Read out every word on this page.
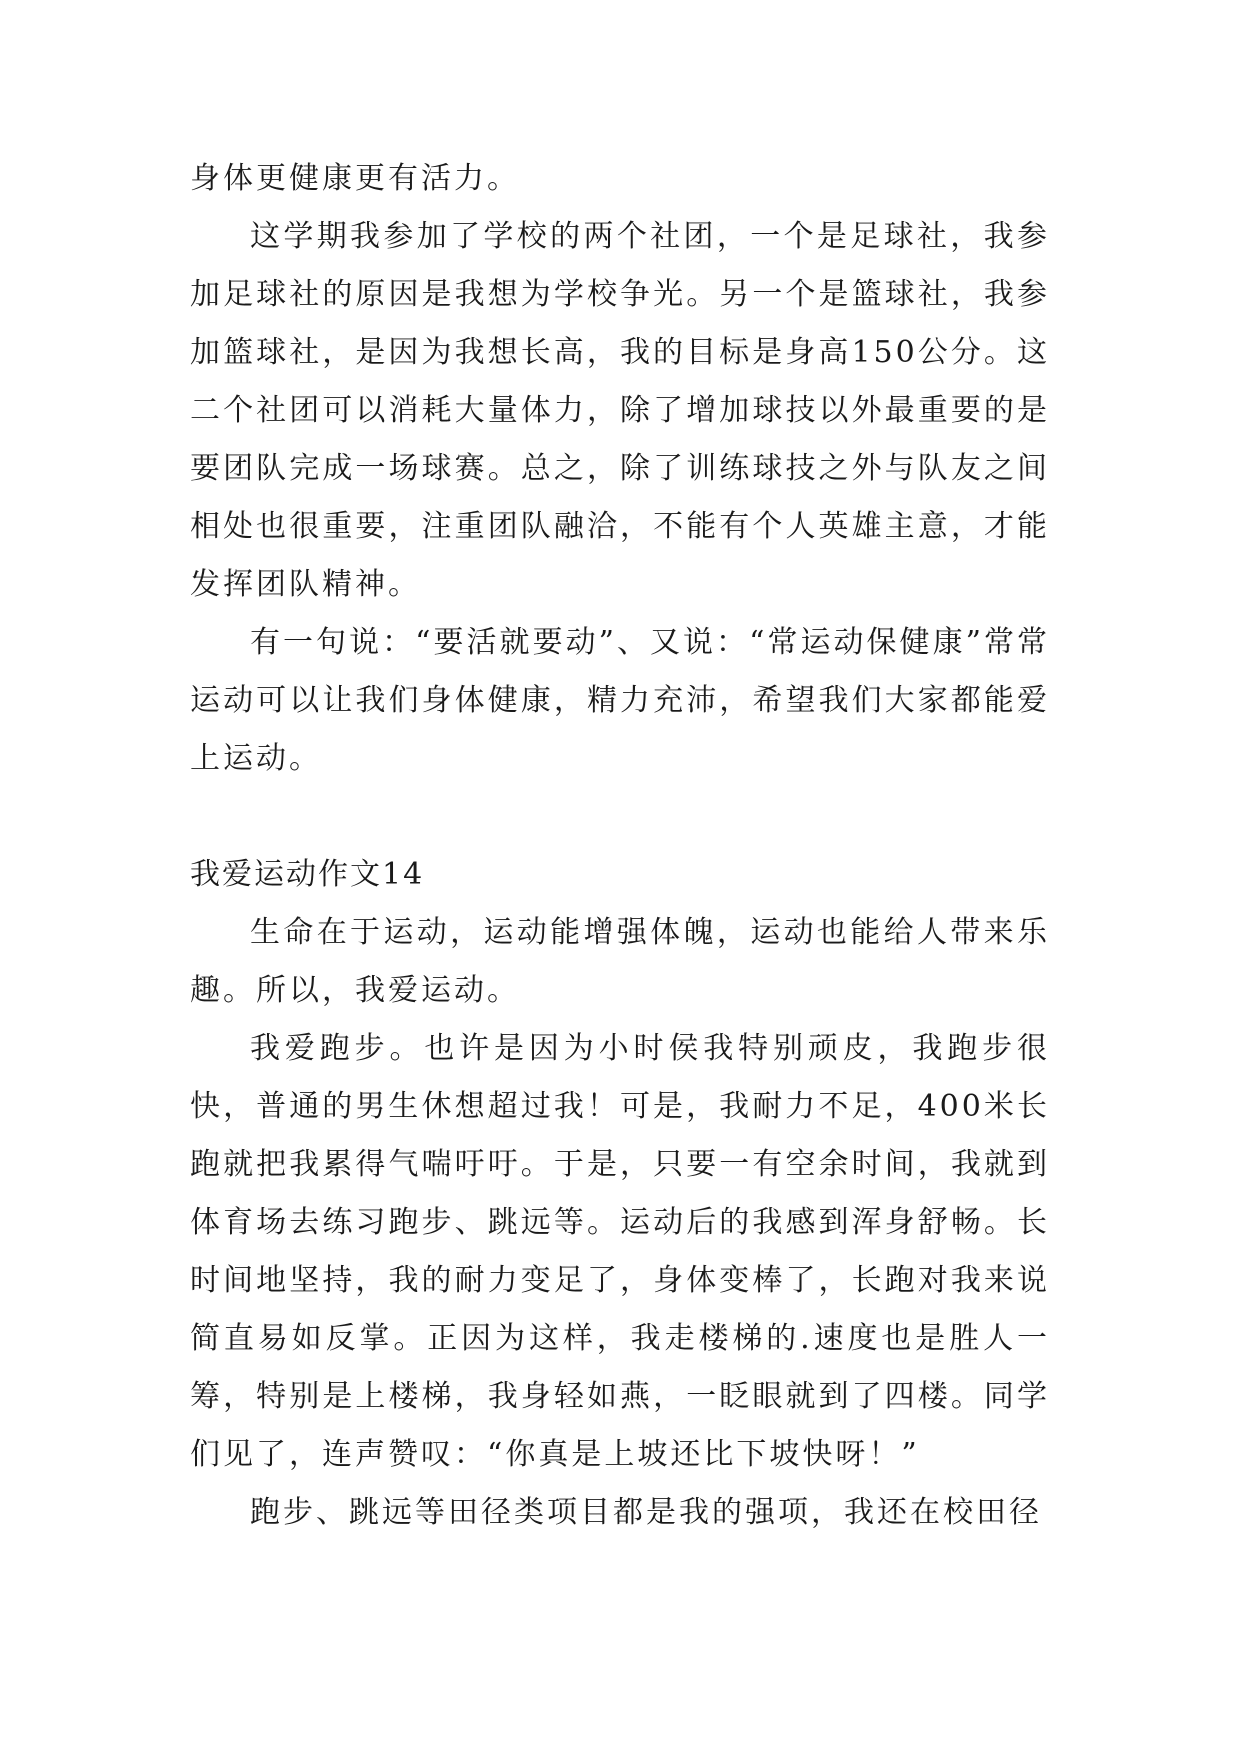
身体更健康更有活力。

这学期我参加了学校的两个社团，一个是足球社，我参加足球社的原因是我想为学校争光。另一个是篮球社，我参加篮球社，是因为我想长高，我的目标是身高150公分。这二个社团可以消耗大量体力，除了增加球技以外最重要的是要团队完成一场球赛。总之，除了训练球技之外与队友之间相处也很重要，注重团队融洽，不能有个人英雄主意，才能发挥团队精神。

有一句说：“要活就要动”、又说：“常运动保健康”常常运动可以让我们身体健康，精力充沛，希望我们大家都能爱上运动。

我爱运动作文14

生命在于运动，运动能增强体魄，运动也能给人带来乐趣。所以，我爱运动。

我爱跑步。也许是因为小时侯我特别顽皮，我跑步很快，普通的男生休想超过我！可是，我耐力不足，400米长跑就把我累得气喘吁吁。于是，只要一有空余时间，我就到体育场去练习跑步、跳远等。运动后的我感到浑身舒畅。长时间地坚持，我的耐力变足了，身体变棒了，长跑对我来说简直易如反掌。正因为这样，我走楼梯的.速度也是胜人一筹，特别是上楼梯，我身轻如燕，一眨眼就到了四楼。同学们见了，连声赞叹：“你真是上坡还比下坡快呀！”

跑步、跳远等田径类项目都是我的强项，我还在校田径
